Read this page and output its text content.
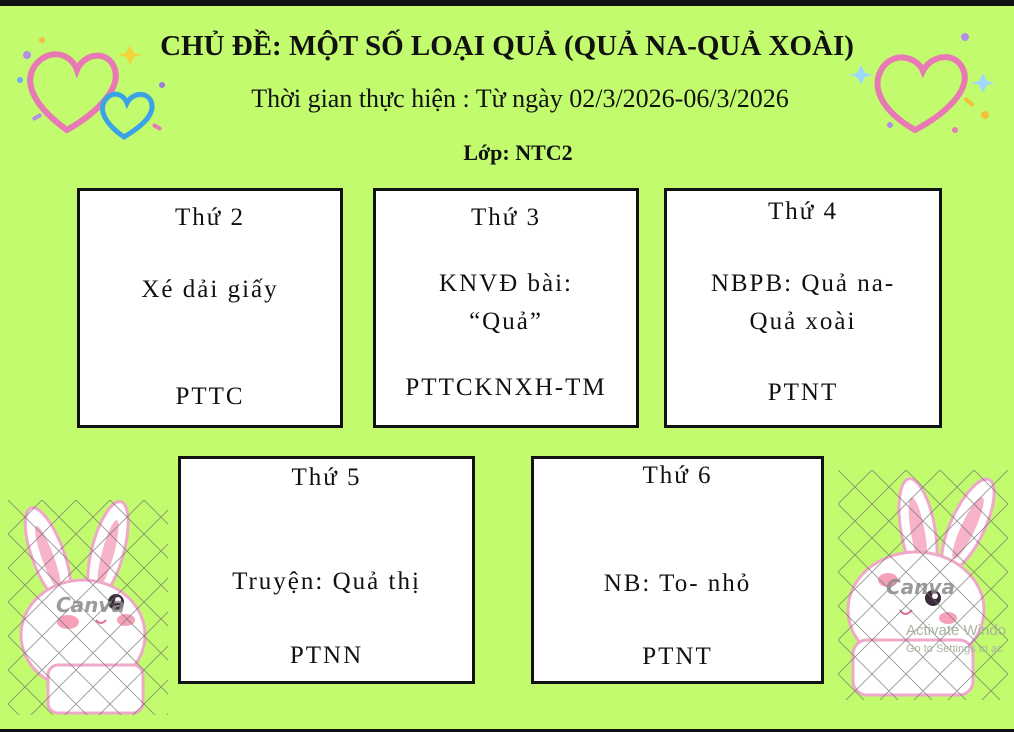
CHỦ ĐỀ: MỘT SỐ LOẠI QUẢ (QUẢ NA-QUẢ XOÀI)
Thời gian thực hiện : Từ ngày 02/3/2026-06/3/2026
Lớp: NTC2
Thứ 2
Xé dải giấy
PTTC
Thứ 3
KNVĐ bài:
“Quả”
PTTCKNXH-TM
Thứ 4
NBPB: Quả na-
Quả xoài
PTNT
Thứ 5
Truyện: Quả thị
PTNN
Thứ 6
NB: To- nhỏ
PTNT
Canva
Canva
Activate Windo
Go to Settings to ac
